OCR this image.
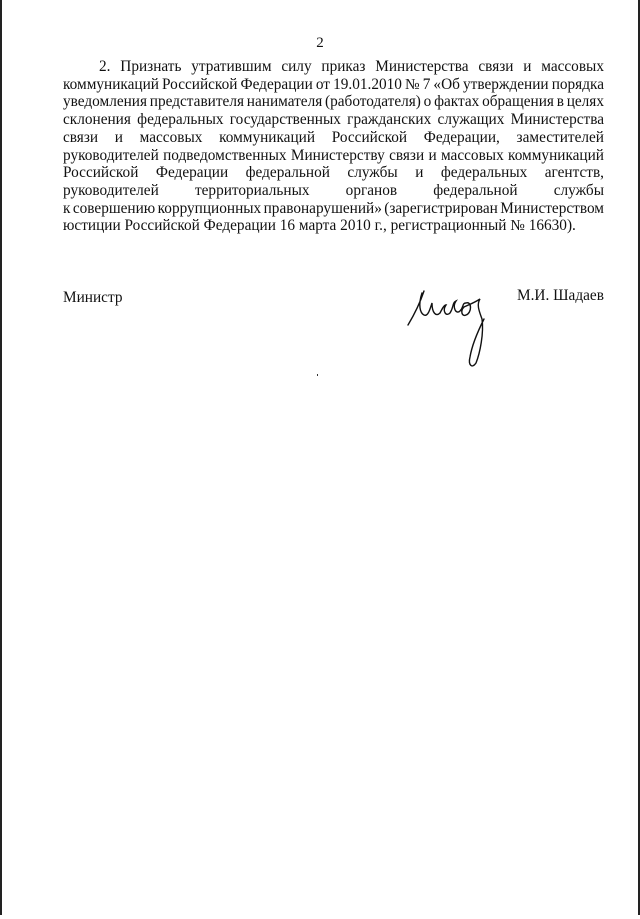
2
2. Признать утратившим силу приказ Министерства связи и массовых
коммуникаций Российской Федерации от 19.01.2010 № 7 «Об утверждении порядка
уведомления представителя нанимателя (работодателя) о фактах обращения в целях
склонения федеральных государственных гражданских служащих Министерства
связи и массовых коммуникаций Российской Федерации, заместителей
руководителей подведомственных Министерству связи и массовых коммуникаций
Российской Федерации федеральной службы и федеральных агентств,
руководителей территориальных органов федеральной службы
к совершению коррупционных правонарушений» (зарегистрирован Министерством
юстиции Российской Федерации 16 марта 2010 г., регистрационный № 16630).
Министр	М.И. Шадаев
